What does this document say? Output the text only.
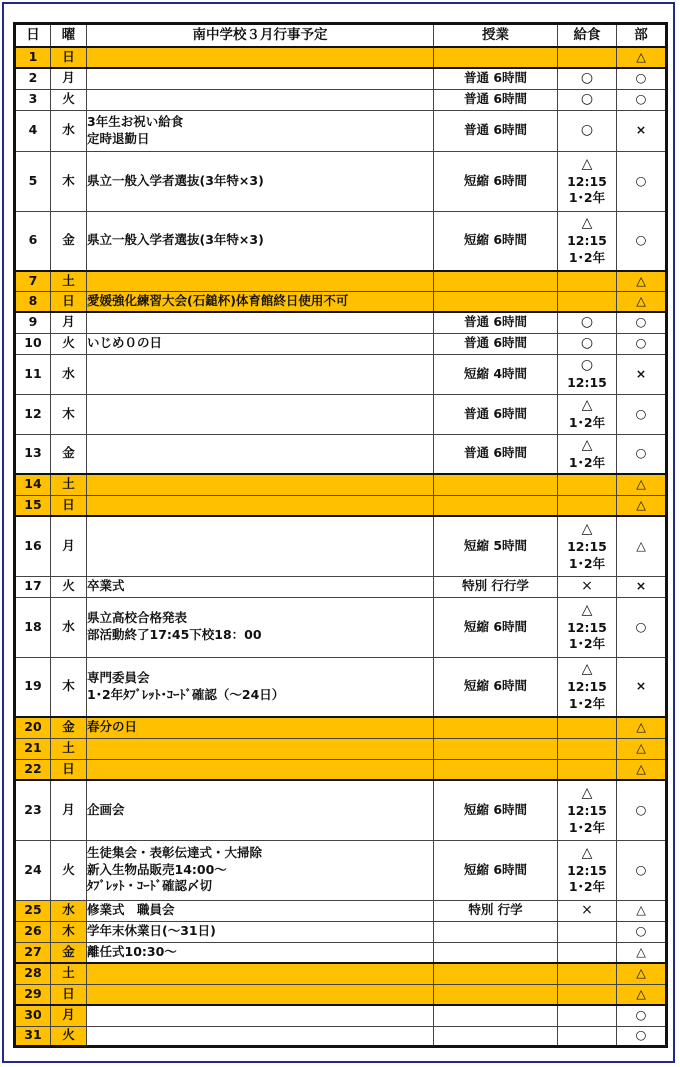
日	曜	南中学校３月行事予定	授業	給食	部
1	日				△
2	月		普通 6時間	○	○
3	火		普通 6時間	○	○
4	水	3年生お祝い給食
定時退勤日	普通 6時間	○	×
5	木	県立一般入学者選抜(3年特×3)	短縮 6時間	△
12:15
1･2年	○
6	金	県立一般入学者選抜(3年特×3)	短縮 6時間	△
12:15
1･2年	○
7	土				△
8	日	愛媛強化練習大会(石鎚杯)体育館終日使用不可			△
9	月		普通 6時間	○	○
10	火	いじめ０の日	普通 6時間	○	○
11	水		短縮 4時間	○
12:15	×
12	木		普通 6時間	△
1･2年	○
13	金		普通 6時間	△
1･2年	○
14	土				△
15	日				△
16	月		短縮 5時間	△
12:15
1･2年	△
17	火	卒業式	特別 行行学	×	×
18	水	県立高校合格発表
部活動終了17:45下校18：00	短縮 6時間	△
12:15
1･2年	○
19	木	専門委員会
1･2年ﾀﾌﾞﾚｯﾄ･ｺｰﾄﾞ確認（～24日）	短縮 6時間	△
12:15
1･2年	×
20	金	春分の日			△
21	土				△
22	日				△
23	月	企画会	短縮 6時間	△
12:15
1･2年	○
24	火	生徒集会・表彰伝達式・大掃除
新入生物品販売14:00～
ﾀﾌﾞﾚｯﾄ・ｺｰﾄﾞ確認〆切	短縮 6時間	△
12:15
1･2年	○
25	水	修業式　職員会	特別 行学	×	△
26	木	学年末休業日(～31日)			○
27	金	離任式10:30～			△
28	土				△
29	日				△
30	月				○
31	火				○
